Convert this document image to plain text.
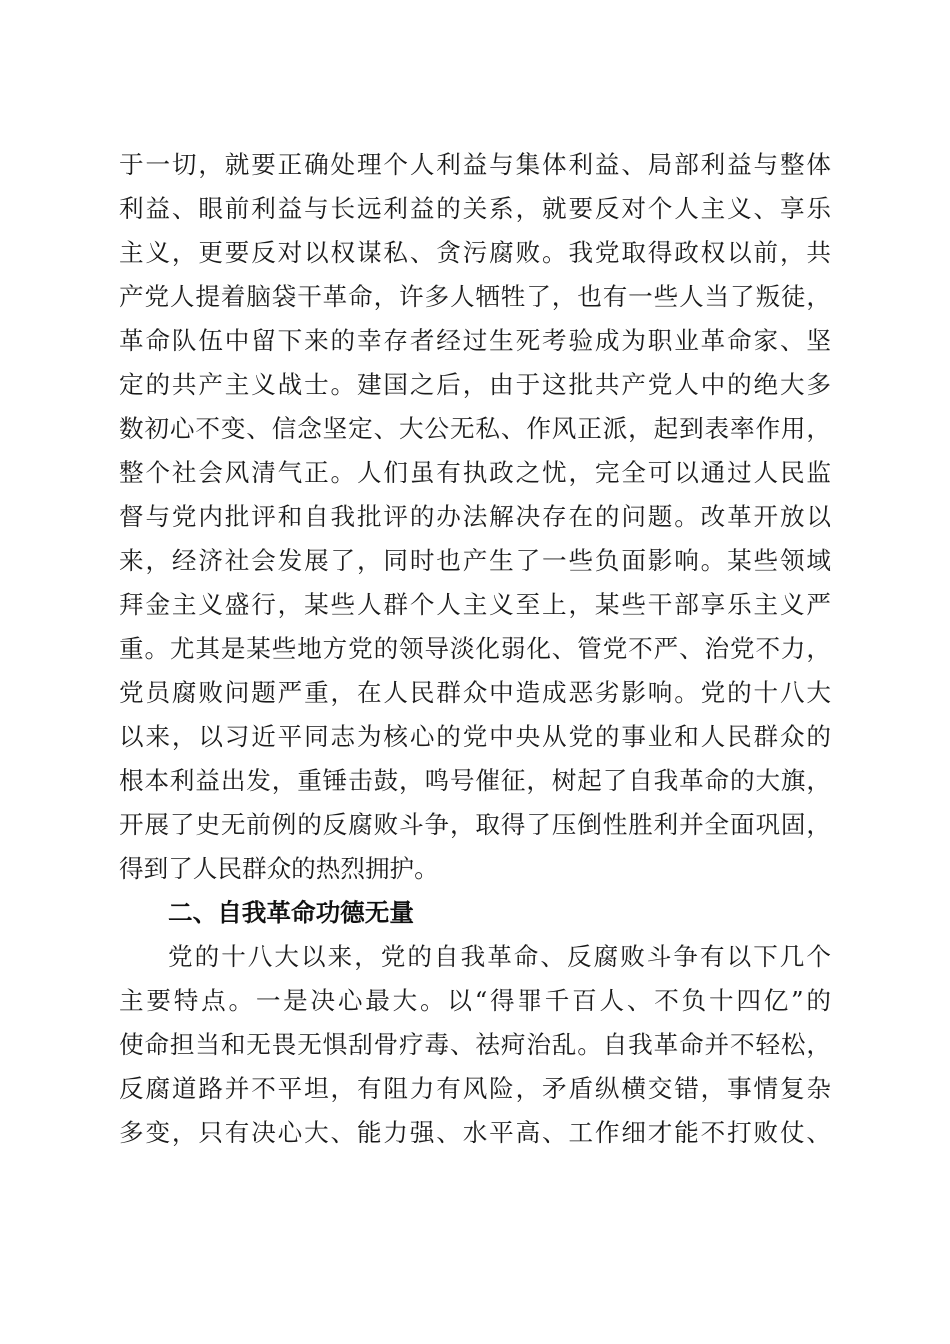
于一切，就要正确处理个人利益与集体利益、局部利益与整体
利益、眼前利益与长远利益的关系，就要反对个人主义、享乐
主义，更要反对以权谋私、贪污腐败。我党取得政权以前，共
产党人提着脑袋干革命，许多人牺牲了，也有一些人当了叛徒，
革命队伍中留下来的幸存者经过生死考验成为职业革命家、坚
定的共产主义战士。建国之后，由于这批共产党人中的绝大多
数初心不变、信念坚定、大公无私、作风正派，起到表率作用，
整个社会风清气正。人们虽有执政之忧，完全可以通过人民监
督与党内批评和自我批评的办法解决存在的问题。改革开放以
来，经济社会发展了，同时也产生了一些负面影响。某些领域
拜金主义盛行，某些人群个人主义至上，某些干部享乐主义严
重。尤其是某些地方党的领导淡化弱化、管党不严、治党不力，
党员腐败问题严重，在人民群众中造成恶劣影响。党的十八大
以来，以习近平同志为核心的党中央从党的事业和人民群众的
根本利益出发，重锤击鼓，鸣号催征，树起了自我革命的大旗，
开展了史无前例的反腐败斗争，取得了压倒性胜利并全面巩固，
得到了人民群众的热烈拥护。
二、自我革命功德无量
党的十八大以来，党的自我革命、反腐败斗争有以下几个
主要特点。一是决心最大。以“得罪千百人、不负十四亿”的
使命担当和无畏无惧刮骨疗毒、祛疴治乱。自我革命并不轻松，
反腐道路并不平坦，有阻力有风险，矛盾纵横交错，事情复杂
多变，只有决心大、能力强、水平高、工作细才能不打败仗、
